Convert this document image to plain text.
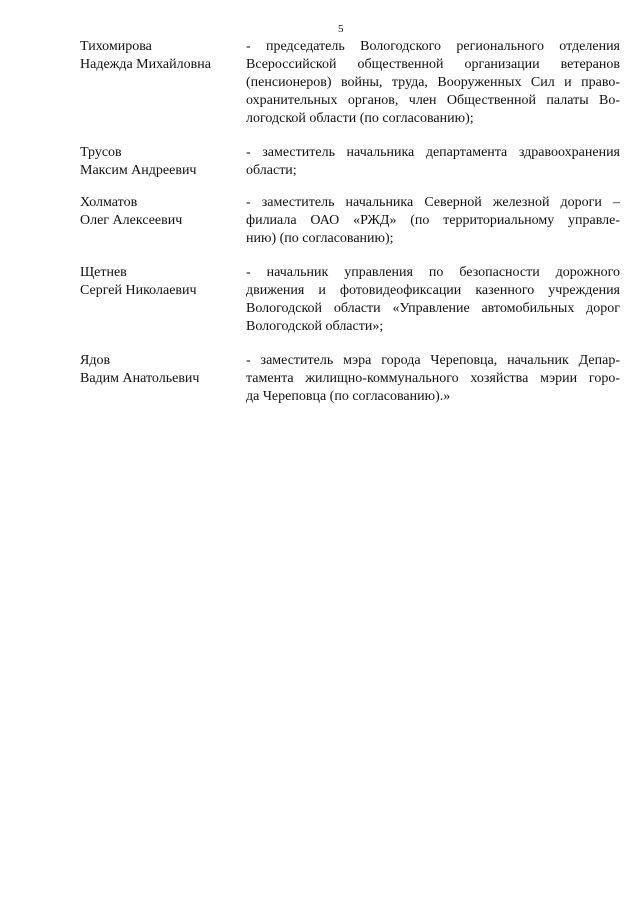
5
Тихомирова
Надежда Михайловна
- председатель Вологодского регионального отделения
Всероссийской общественной организации ветеранов
(пенсионеров) войны, труда, Вооруженных Сил и право-
охранительных органов, член Общественной палаты Во-
логодской области (по согласованию);
Трусов
Максим Андреевич
- заместитель начальника департамента здравоохранения
области;
Холматов
Олег Алексеевич
- заместитель начальника Северной железной дороги –
филиала ОАО «РЖД» (по территориальному управле-
нию) (по согласованию);
Щетнев
Сергей Николаевич
- начальник управления по безопасности дорожного
движения и фотовидеофиксации казенного учреждения
Вологодской области «Управление автомобильных дорог
Вологодской области»;
Ядов
Вадим Анатольевич
- заместитель мэра города Череповца, начальник Депар-
тамента жилищно-коммунального хозяйства мэрии горо-
да Череповца (по согласованию).»
